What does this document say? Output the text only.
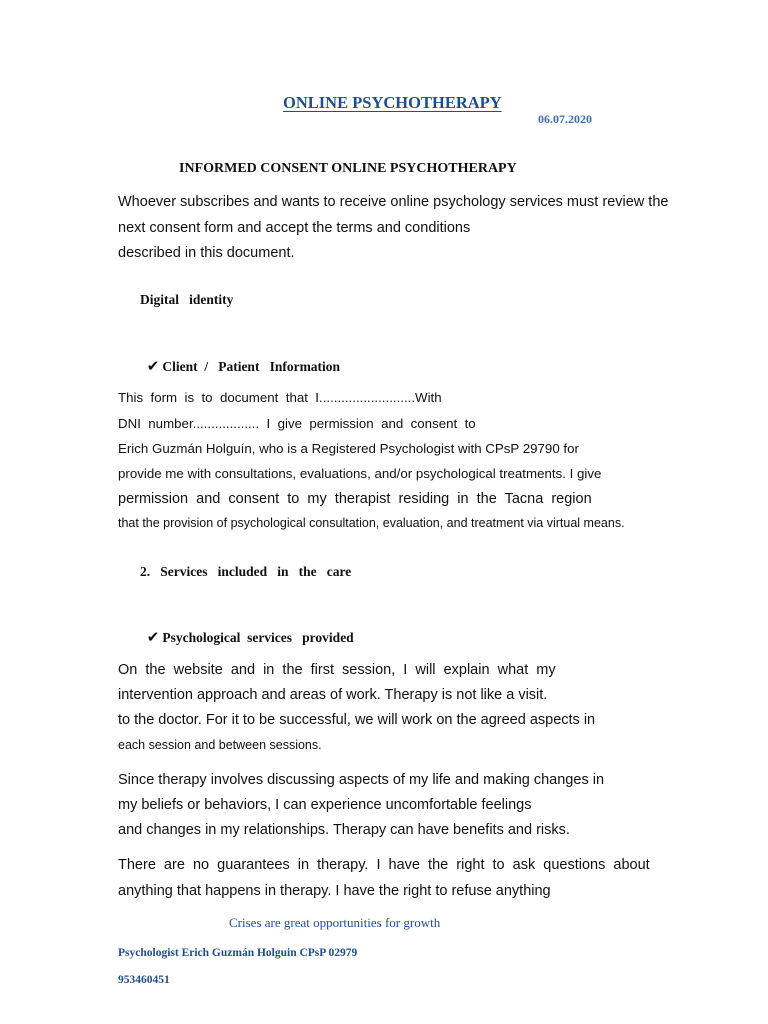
ONLINE PSYCHOTHERAPY
06.07.2020
INFORMED CONSENT ONLINE PSYCHOTHERAPY
Whoever subscribes and wants to receive online psychology services must review the
next consent form and accept the terms and conditions
described in this document.
Digital   identity

✔ Client  /   Patient   Information

This  form  is  to  document  that  I..........................With
DNI  number..................  I  give  permission  and  consent  to
Erich Guzmán Holguín, who is a Registered Psychologist with CPsP 29790 for
provide me with consultations, evaluations, and/or psychological treatments. I give
permission  and  consent  to  my  therapist  residing  in  the  Tacna  region
that the provision of psychological consultation, evaluation, and treatment via virtual means.
2.   Services   included   in   the   care

✔ Psychological  services   provided

On  the  website  and  in  the  first  session,  I  will  explain  what  my
intervention approach and areas of work. Therapy is not like a visit.
to the doctor. For it to be successful, we will work on the agreed aspects in
each session and between sessions.
Since therapy involves discussing aspects of my life and making changes in
my beliefs or behaviors, I can experience uncomfortable feelings
and changes in my relationships. Therapy can have benefits and risks.
There  are  no  guarantees  in  therapy.  I  have  the  right  to  ask  questions  about
anything that happens in therapy. I have the right to refuse anything
Crises are great opportunities for growth
Psychologist Erich Guzmán Holguin CPsP 02979
953460451
